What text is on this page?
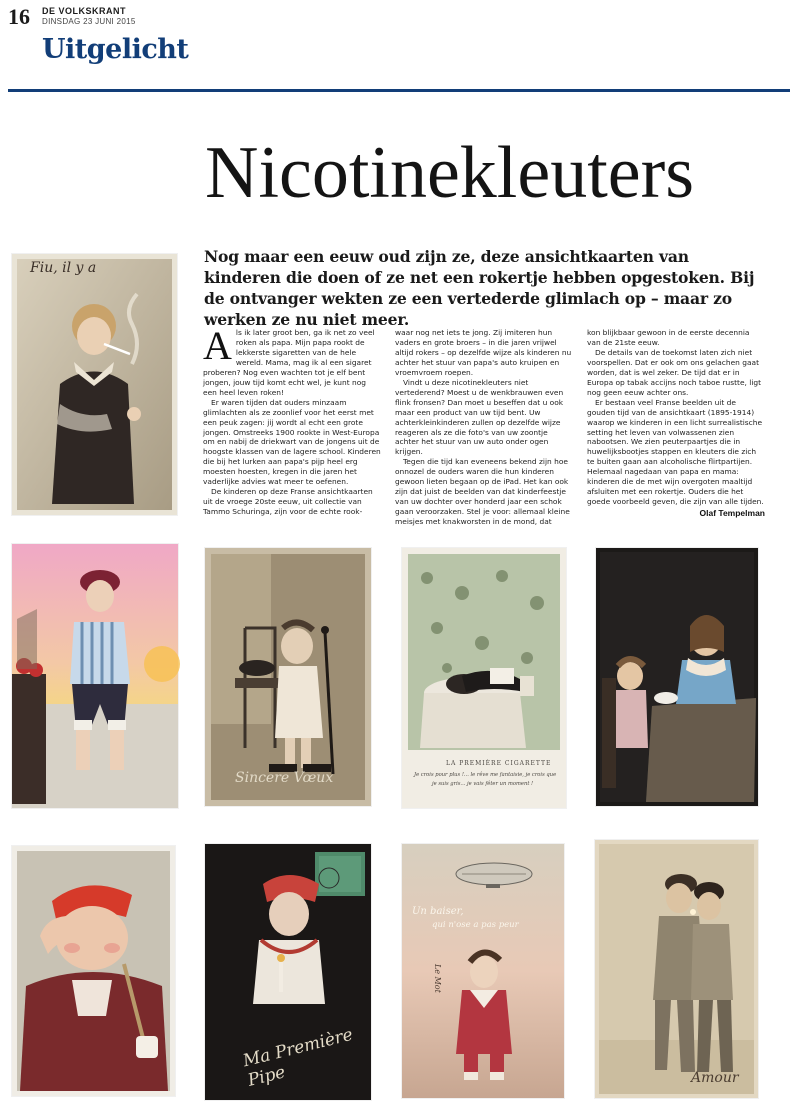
16 DE VOLKSKRANT
DINSDAG 23 JUNI 2015
Uitgelicht
Nicotinekleuters
Nog maar een eeuw oud zijn ze, deze ansichtkaarten van kinderen die doen of ze net een rokertje hebben opgestoken. Bij de ontvanger wekten ze een vertederde glimlach op – maar zo werken ze nu niet meer.

Als ik later groot ben, ga ik net zo veel roken als papa. Mijn papa rookt de lekkerste sigaretten van de hele wereld. Mama, mag ik al een sigaret proberen? Nog even wachten tot je elf bent jongen, jouw tijd komt echt wel, je kunt nog een heel leven roken!

Er waren tijden dat ouders minzaam glimlachten als ze zoonlief voor het eerst met een peuk zagen: jij wordt al echt een grote jongen. Omstreeks 1900 rookte in West-Europa om en nabij de driekwart van de jongens uit de hoogste klassen van de lagere school. Kinderen die bij het lurken aan papa's pijp heel erg moesten hoesten, kregen in die jaren het vaderlijke advies wat meer te oefenen.

De kinderen op deze Franse ansichtkaarten uit de vroege 20ste eeuw, uit collectie van Tammo Schuringa, zijn voor de echte rook-

waar nog net iets te jong. Zij imiteren hun vaders en grote broers – in die jaren vrijwel altijd rokers – op dezelfde wijze als kinderen nu achter het stuur van papa's auto kruipen en vroemvroem roepen.

Vindt u deze nicotinekleuters niet vertederend? Moest u de wenkbrauwen even flink fronsen? Dan moet u beseffen dat u ook maar een product van uw tijd bent. Uw achterkleinkinderen zullen op dezelfde wijze reageren als ze die foto's van uw zoontje achter het stuur van uw auto onder ogen krijgen.

Tegen die tijd kan eveneens bekend zijn hoe onnozel de ouders waren die hun kinderen gewoon lieten begaan op de iPad. Het kan ook zijn dat juist de beelden van dat kinderfeestje van uw dochter over honderd jaar een schok gaan veroorzaken. Stel je voor: allemaal kleine meisjes met knakworsten in de mond, dat

kon blijkbaar gewoon in de eerste decennia van de 21ste eeuw.

De details van de toekomst laten zich niet voorspellen. Dat er ook om ons gelachen gaat worden, dat is wel zeker. De tijd dat er in Europa op tabak accijns noch taboe rustte, ligt nog geen eeuw achter ons.

Er bestaan veel Franse beelden uit de gouden tijd van de ansichtkaart (1895-1914) waarop we kinderen in een licht surrealistische setting het leven van volwassenen zien nabootsen. We zien peuterpaartjes die in huwelijksbootjes stappen en kleuters die zich te buiten gaan aan alcoholische flirtpartijen. Helemaal nagedaan van papa en mama: kinderen die de met wijn overgoten maaltijd afsluiten met een rokertje. Ouders die het goede voorbeeld geven, die zijn van alle tijden.

Olaf Tempelman
Fiu, il y a
Sincere Vœux
LA PREMIÈRE CIGARETTE
Je crois pour plus !... le rêve me fantaisie, je crois que
je suis gris... je vais fêter un moment !
Ma Première Pipe
Un baiser,
qui n'ose a pas peur
Le Mot
Amour
